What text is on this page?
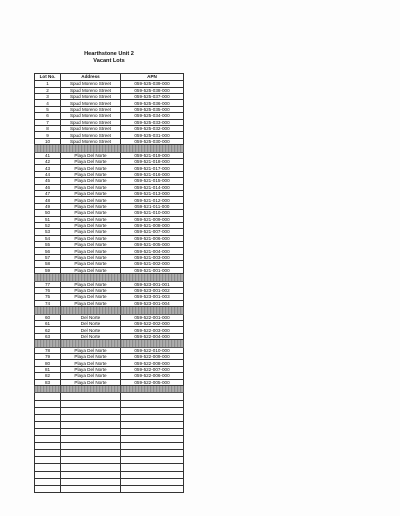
Hearthstone Unit 2
Vacant Lots
Lot No.	Address	APN
1	Spud Moreno Street	059-525-039-000
2	Spud Moreno Street	059-525-038-000
3	Spud Moreno Street	059-525-037-000
4	Spud Moreno Street	059-525-036-000
5	Spud Moreno Street	059-525-035-000
6	Spud Moreno Street	059-525-034-000
7	Spud Moreno Street	059-525-033-000
8	Spud Moreno Street	059-525-032-000
9	Spud Moreno Street	059-525-031-000
10	Spud Moreno Street	059-525-030-000

41	Playa Del Norte	059-521-019-000
42	Playa Del Norte	059-521-018-000
43	Playa Del Norte	059-521-017-000
44	Playa Del Norte	059-521-016-000
45	Playa Del Norte	059-521-015-000
46	Playa Del Norte	059-521-014-000
47	Playa Del Norte	059-521-013-000
48	Playa Del Norte	059-521-012-000
49	Playa Del Norte	059-521-011-000
50	Playa Del Norte	059-521-010-000
51	Playa Del Norte	059-521-009-000
52	Playa Del Norte	059-521-008-000
53	Playa Del Norte	059-521-007-000
54	Playa Del Norte	059-521-006-000
55	Playa Del Norte	059-521-005-000
56	Playa Del Norte	059-521-004-000
57	Playa Del Norte	059-521-003-000
58	Playa Del Norte	059-521-002-000
59	Playa Del Norte	059-521-001-000

77	Playa Del Norte	059-523-001-001
76	Playa Del Norte	059-523-001-002
75	Playa Del Norte	059-523-001-003
74	Playa Del Norte	059-523-001-004

60	Del Norte	059-522-001-000
61	Del Norte	059-522-002-000
62	Del Norte	059-522-003-000
63	Del Norte	059-522-004-000

78	Playa Del Norte	059-522-010-000
79	Playa Del Norte	059-522-009-000
80	Playa Del Norte	059-522-008-000
81	Playa Del Norte	059-522-007-000
82	Playa Del Norte	059-522-006-000
83	Playa Del Norte	059-522-005-000
